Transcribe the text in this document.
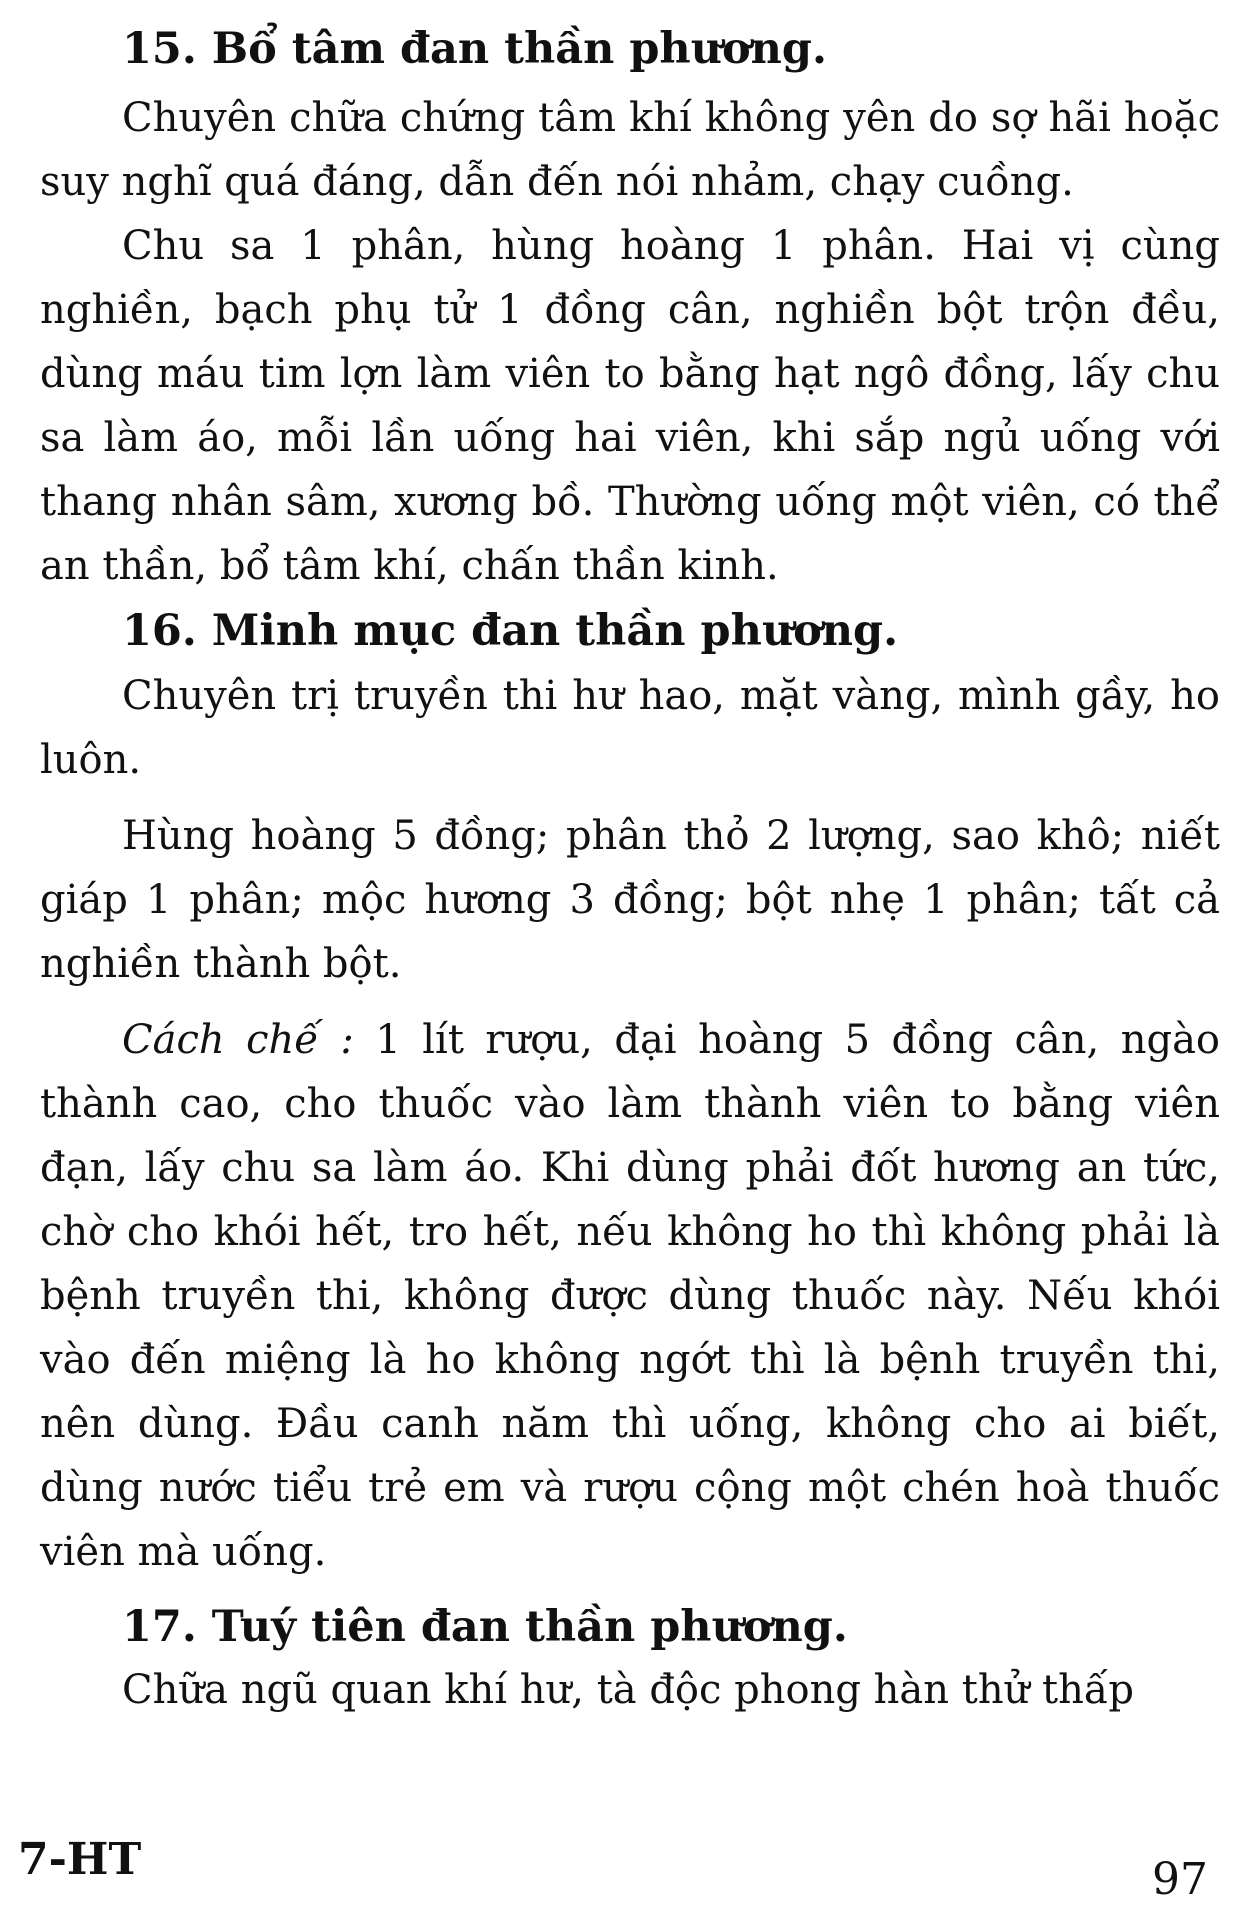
15. Bổ tâm đan thần phương.

Chuyên chữa chứng tâm khí không yên do sợ hãi hoặc suy nghĩ quá đáng, dẫn đến nói nhảm, chạy cuồng.

Chu sa 1 phân, hùng hoàng 1 phân. Hai vị cùng nghiền, bạch phụ tử 1 đồng cân, nghiền bột trộn đều, dùng máu tim lợn làm viên to bằng hạt ngô đồng, lấy chu sa làm áo, mỗi lần uống hai viên, khi sắp ngủ uống với thang nhân sâm, xương bồ. Thường uống một viên, có thể an thần, bổ tâm khí, chấn thần kinh.

16. Minh mục đan thần phương.

Chuyên trị truyền thi hư hao, mặt vàng, mình gầy, ho luôn.

Hùng hoàng 5 đồng; phân thỏ 2 lượng, sao khô; niết giáp 1 phân; mộc hương 3 đồng; bột nhẹ 1 phân; tất cả nghiền thành bột.

Cách chế : 1 lít rượu, đại hoàng 5 đồng cân, ngào thành cao, cho thuốc vào làm thành viên to bằng viên đạn, lấy chu sa làm áo. Khi dùng phải đốt hương an tức, chờ cho khói hết, tro hết, nếu không ho thì không phải là bệnh truyền thi, không được dùng thuốc này. Nếu khói vào đến miệng là ho không ngớt thì là bệnh truyền thi, nên dùng. Đầu canh năm thì uống, không cho ai biết, dùng nước tiểu trẻ em và rượu cộng một chén hoà thuốc viên mà uống.

17. Tuý tiên đan thần phương.

Chữa ngũ quan khí hư, tà độc phong hàn thử thấp

7-HT	97
